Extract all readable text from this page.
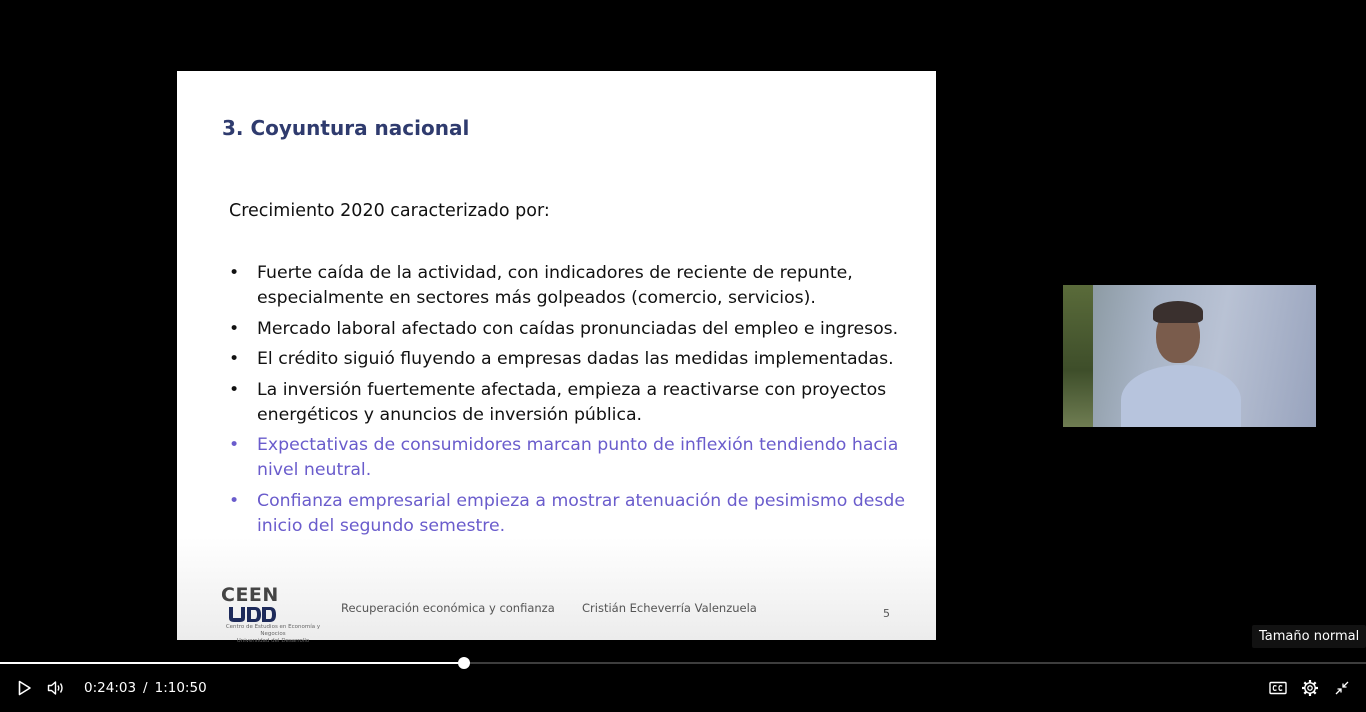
3. Coyuntura nacional
Crecimiento 2020 caracterizado por:
• Fuerte caída de la actividad, con indicadores de reciente de repunte, especialmente en sectores más golpeados (comercio, servicios).
• Mercado laboral afectado con caídas pronunciadas del empleo e ingresos.
• El crédito siguió fluyendo a empresas dadas las medidas implementadas.
• La inversión fuertemente afectada, empieza a reactivarse con proyectos energéticos y anuncios de inversión pública.
• Expectativas de consumidores marcan punto de inflexión tendiendo hacia nivel neutral.
• Confianza empresarial empieza a mostrar atenuación de pesimismo desde inicio del segundo semestre.
CEEN
Centro de Estudios en Economía y Negocios
Universidad del Desarrollo
Recuperación económica y confianza Cristián Echeverría Valenzuela	5
Tamaño normal
0:24:03 / 1:10:50
